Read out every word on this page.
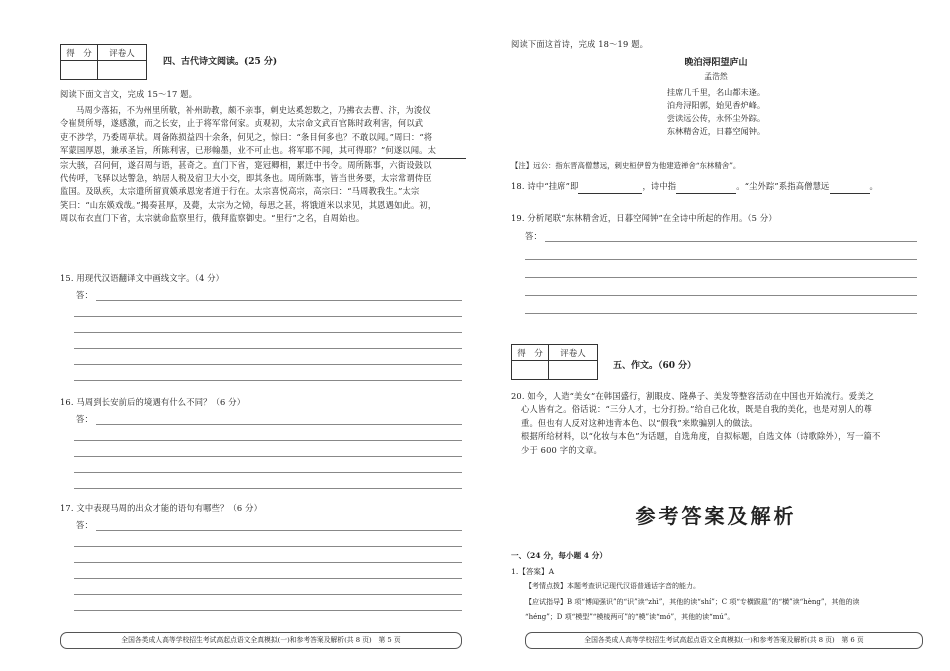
得　分	评卷人

四、古代诗文阅读。(25 分)
阅读下面文言文，完成 15～17 题。
马周少落拓，不为州里所敬，补州助教，颇不亲事，刺史达奚恕数之，乃拂衣去曹、汴，为浚仪
令崔贤所辱，遂感激，而之长安，止于将军常何家。贞观初，太宗命文武百官陈时政利害，何以武
吏不涉学，乃委周草状。周备陈损益四十余条，何见之，惊曰：“条目何多也？不敢以闻。”周曰：“将
军蒙国厚恩，兼承圣旨，所陈利害，已形翰墨，业不可止也。将军耶不闻，其可得耶？”何遂以闻。太
宗大骇，召问何，遂召周与语，甚奇之。直门下省，寔冠卿相，累迁中书令。周所陈事，六街设鼓以
代传呼，飞驿以达警急，纳居人税及宿卫大小交，即其条也。周所陈事，皆当世务要，太宗常谓侍臣
监国。及臥疾，太宗遣所留貢媖承恩宠者道于行在。太宗喜悦高宗，高宗曰：“马周教我生。”太宗
笑曰：“山东媖戏哉。”揭奏甚厚，及薨，太宗为之恸，每思之甚，将饿道米以求见，其恩遇如此。初，
周以布衣直门下省，太宗就命监察里行，俄拜监察御史。“里行”之名，自周始也。
15. 用现代汉语翻译文中画线文字。（4 分）
答：
16. 马周到长安前后的境遇有什么不同？（6 分）
答：
17. 文中表现马周的出众才能的语句有哪些？（6 分）
答：
全国各类成人高等学校招生考试高起点语文全真模拟(一)和参考答案及解析(共 8 页)　第 5 页
阅读下面这首诗，完成 18～19 题。
晚泊浔阳望庐山
孟浩然
挂席几千里，名山都未逢。
泊舟浔阳郭，始见香炉峰。
尝读远公传，永怀尘外踪。
东林精舍近，日暮空闻钟。
【注】远公：指东晋高僧慧远，刺史桓伊曾为他建造禅舍“东林精舍”。
18. 诗中“挂席”即	，诗中指	。“尘外踪”系指高僧慧远	。
19. 分析尾联“东林精舍近，日暮空闻钟”在全诗中所起的作用。（5 分）
答：
得　分	评卷人

五、作文。（60 分）
20. 如今，人造“美女”在韩国盛行，割眼皮、隆鼻子、美发等整容活动在中国也开始流行。爱美之
心人皆有之。俗话说：“三分人才，七分打扮。”给自己化妆，既是自我的美化，也是对别人的尊
重。但也有人反对这种违背本色、以“假我”来欺骗别人的做法。
根据所给材料，以“化妆与本色”为话题，自选角度，自拟标题，自选文体（诗歌除外），写一篇不
少于 600 字的文章。
参考答案及解析
一、（24 分，每小题 4 分）
1.【答案】A
【考情点拨】本题考查识记现代汉语普通话字音的能力。
【应试指导】B 项“博闻强识”的“识”读“zhì”，其他的读“shí”；C 项“专横跋扈”的“横”读“hèng”，其他的读
“héng”；D 项“模型”“模棱两可”的“模”读“mó”，其他的读“mú”。
全国各类成人高等学校招生考试高起点语文全真模拟(一)和参考答案及解析(共 8 页)　第 6 页
